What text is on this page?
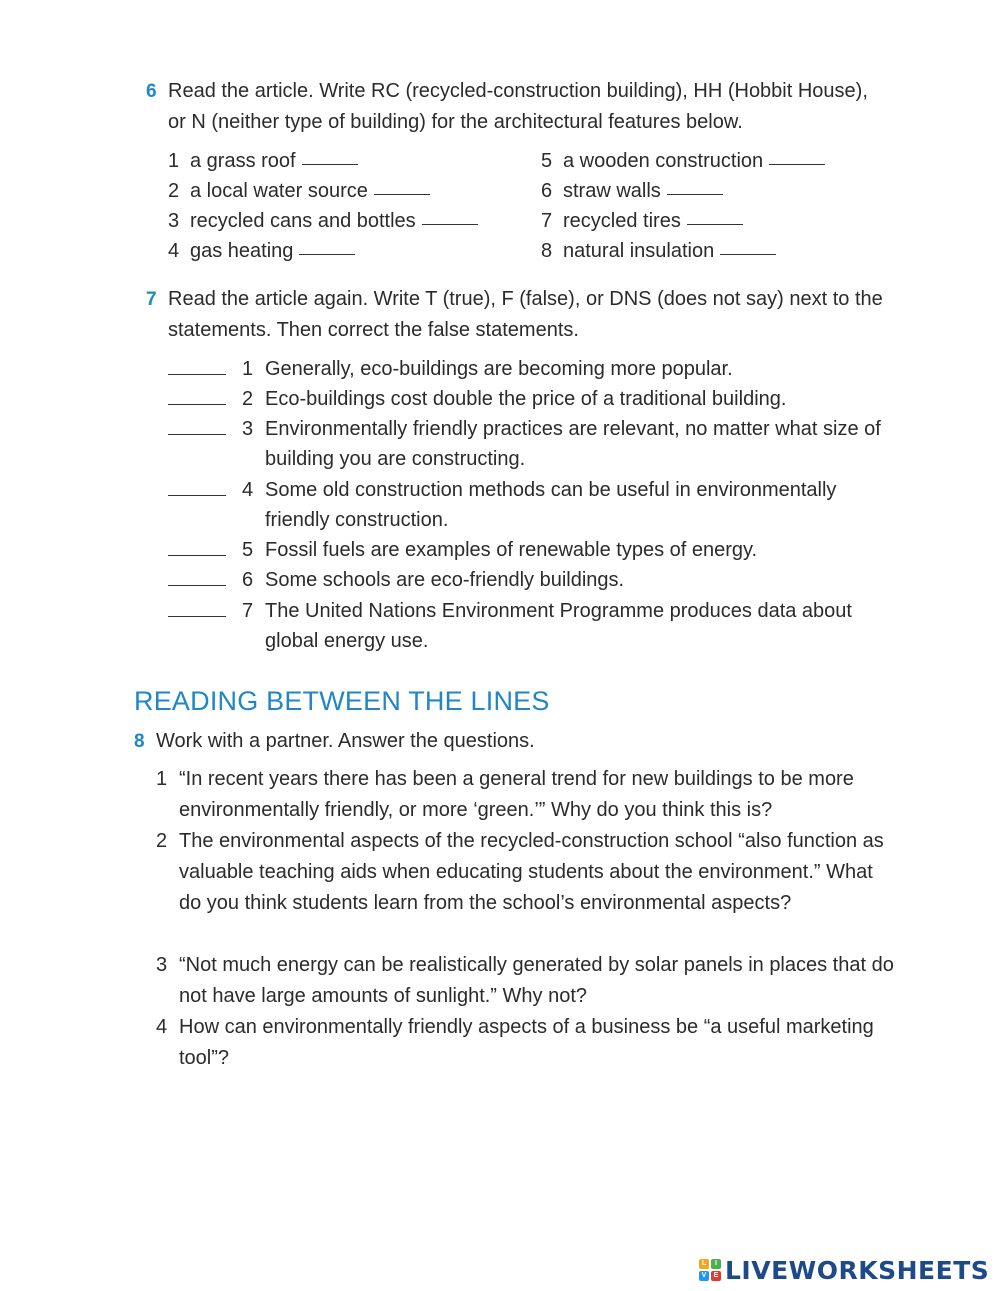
6 Read the article. Write RC (recycled-construction building), HH (Hobbit House), or N (neither type of building) for the architectural features below.
1 a grass roof
2 a local water source
3 recycled cans and bottles
4 gas heating
5 a wooden construction
6 straw walls
7 recycled tires
8 natural insulation
7 Read the article again. Write T (true), F (false), or DNS (does not say) next to the statements. Then correct the false statements.
1 Generally, eco-buildings are becoming more popular.
2 Eco-buildings cost double the price of a traditional building.
3 Environmentally friendly practices are relevant, no matter what size of building you are constructing.
4 Some old construction methods can be useful in environmentally friendly construction.
5 Fossil fuels are examples of renewable types of energy.
6 Some schools are eco-friendly buildings.
7 The United Nations Environment Programme produces data about global energy use.
READING BETWEEN THE LINES
8 Work with a partner. Answer the questions.
1 “In recent years there has been a general trend for new buildings to be more environmentally friendly, or more ‘green.’” Why do you think this is?
2 The environmental aspects of the recycled-construction school “also function as valuable teaching aids when educating students about the environment.” What do you think students learn from the school’s environmental aspects?
3 “Not much energy can be realistically generated by solar panels in places that do not have large amounts of sunlight.” Why not?
4 How can environmentally friendly aspects of a business be “a useful marketing tool”?
L	I
V	E LIVEWORKSHEETS
